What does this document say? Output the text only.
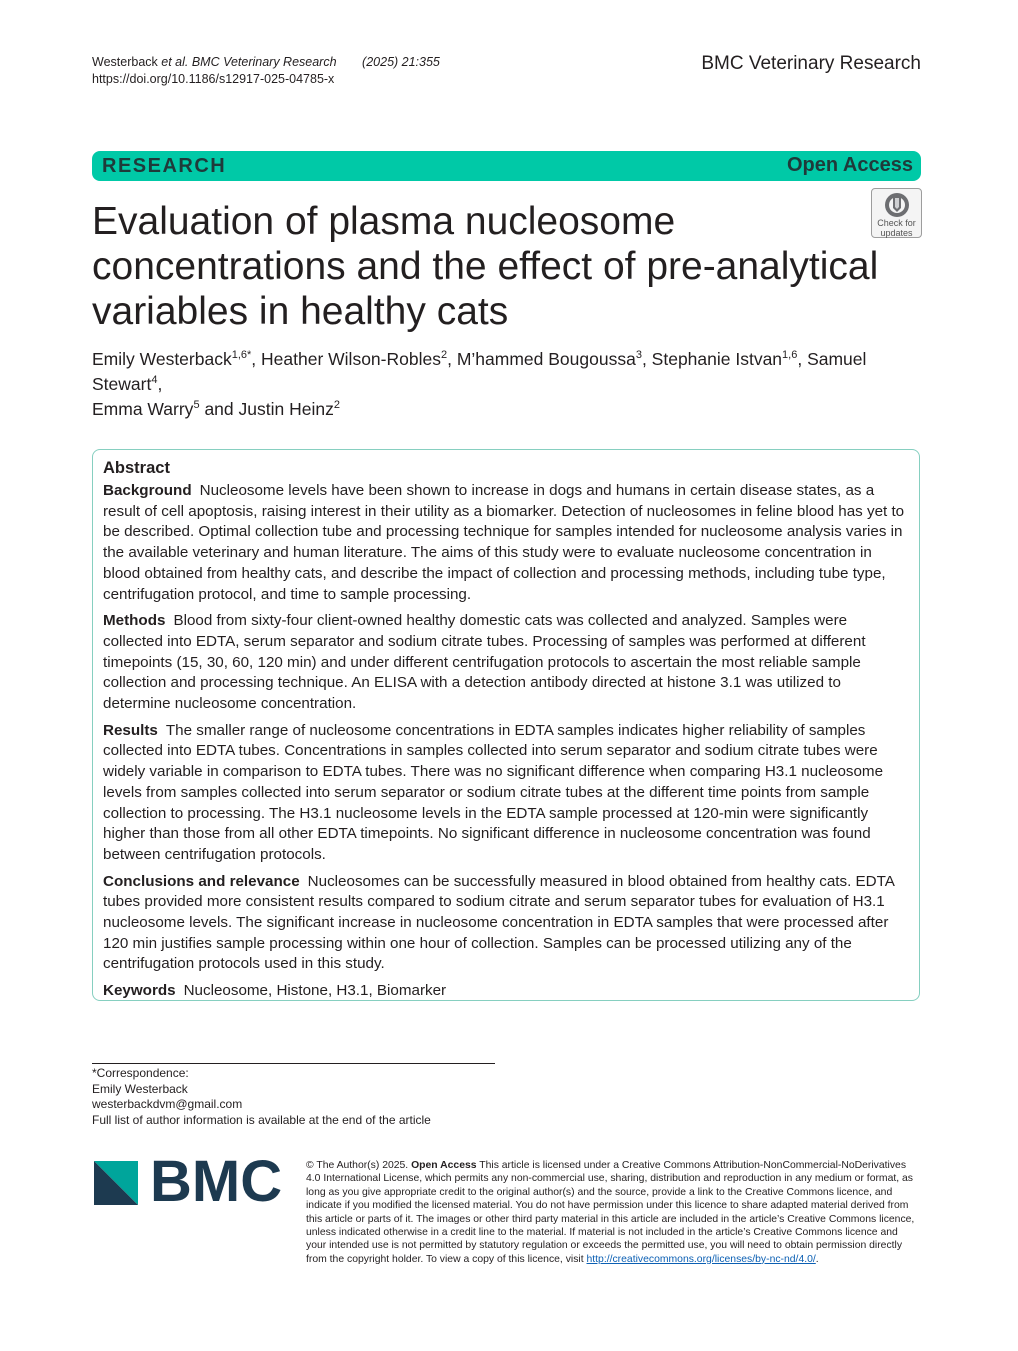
Westerback et al. BMC Veterinary Research (2025) 21:355
https://doi.org/10.1186/s12917-025-04785-x
BMC Veterinary Research
RESEARCH	Open Access
Check for
updates
Evaluation of plasma nucleosome concentrations and the effect of pre-analytical variables in healthy cats
Emily Westerback$^{1,6*}$, Heather Wilson-Robles$^2$, M’hammed Bougoussa$^3$, Stephanie Istvan$^{1,6}$, Samuel Stewart$^4$,
Emma Warry$^5$ and Justin Heinz$^2$
Abstract

Background Nucleosome levels have been shown to increase in dogs and humans in certain disease states, as a result of cell apoptosis, raising interest in their utility as a biomarker. Detection of nucleosomes in feline blood has yet to be described. Optimal collection tube and processing technique for samples intended for nucleosome analysis varies in the available veterinary and human literature. The aims of this study were to evaluate nucleosome concentration in blood obtained from healthy cats, and describe the impact of collection and processing methods, including tube type, centrifugation protocol, and time to sample processing.

Methods Blood from sixty-four client-owned healthy domestic cats was collected and analyzed. Samples were collected into EDTA, serum separator and sodium citrate tubes. Processing of samples was performed at different timepoints (15, 30, 60, 120 min) and under different centrifugation protocols to ascertain the most reliable sample collection and processing technique. An ELISA with a detection antibody directed at histone 3.1 was utilized to determine nucleosome concentration.

Results The smaller range of nucleosome concentrations in EDTA samples indicates higher reliability of samples collected into EDTA tubes. Concentrations in samples collected into serum separator and sodium citrate tubes were widely variable in comparison to EDTA tubes. There was no significant difference when comparing H3.1 nucleosome levels from samples collected into serum separator or sodium citrate tubes at the different time points from sample collection to processing. The H3.1 nucleosome levels in the EDTA sample processed at 120-min were significantly higher than those from all other EDTA timepoints. No significant difference in nucleosome concentration was found between centrifugation protocols.

Conclusions and relevance Nucleosomes can be successfully measured in blood obtained from healthy cats. EDTA tubes provided more consistent results compared to sodium citrate and serum separator tubes for evaluation of H3.1 nucleosome levels. The significant increase in nucleosome concentration in EDTA samples that were processed after 120 min justifies sample processing within one hour of collection. Samples can be processed utilizing any of the centrifugation protocols used in this study.

Keywords Nucleosome, Histone, H3.1, Biomarker

*Correspondence:
Emily Westerback
westerbackdvm@gmail.com
Full list of author information is available at the end of the article
BMC © The Author(s) 2025. Open Access This article is licensed under a Creative Commons Attribution-NonCommercial-NoDerivatives 4.0 International License, which permits any non-commercial use, sharing, distribution and reproduction in any medium or format, as long as you give appropriate credit to the original author(s) and the source, provide a link to the Creative Commons licence, and indicate if you modified the licensed material. You do not have permission under this licence to share adapted material derived from this article or parts of it. The images or other third party material in this article are included in the article’s Creative Commons licence, unless indicated otherwise in a credit line to the material. If material is not included in the article’s Creative Commons licence and your intended use is not permitted by statutory regulation or exceeds the permitted use, you will need to obtain permission directly from the copyright holder. To view a copy of this licence, visit http://creativecommons.org/licenses/by-nc-nd/4.0/.
